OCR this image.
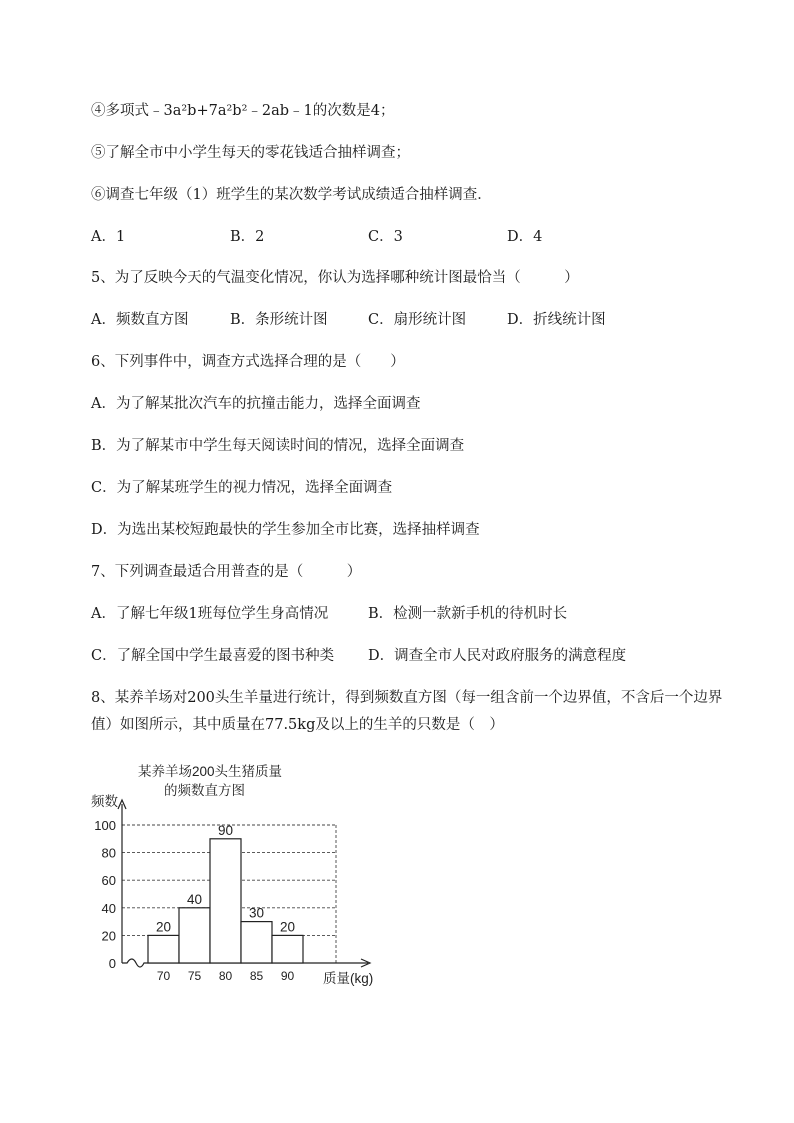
④多项式﹣3a²b+7a²b²﹣2ab﹣1的次数是4；
⑤了解全市中小学生每天的零花钱适合抽样调查；
⑥调查七年级（1）班学生的某次数学考试成绩适合抽样调查．
A．1	B．2	C．3	D．4
5、为了反映今天的气温变化情况，你认为选择哪种统计图最恰当（　　　）
A．频数直方图	B．条形统计图	C．扇形统计图	D．折线统计图
6、下列事件中，调查方式选择合理的是（　　）
A．为了解某批次汽车的抗撞击能力，选择全面调查
B．为了解某市中学生每天阅读时间的情况，选择全面调查
C．为了解某班学生的视力情况，选择全面调查
D．为选出某校短跑最快的学生参加全市比赛，选择抽样调查
7、下列调查最适合用普查的是（　　　）
A．了解七年级1班每位学生身高情况	B．检测一款新手机的待机时长
C．了解全国中学生最喜爱的图书种类 D．调查全市人民对政府服务的满意程度
8、某养羊场对200头生羊量进行统计，得到频数直方图（每一组含前一个边界值，不含后一个边界
值）如图所示，其中质量在77.5kg及以上的生羊的只数是（　）
某养羊场200头生猪质量
的频数直方图
频数
质量(kg)
0
20
40
60
80
100
20
40
90
30
20
70 75 80 85 90
